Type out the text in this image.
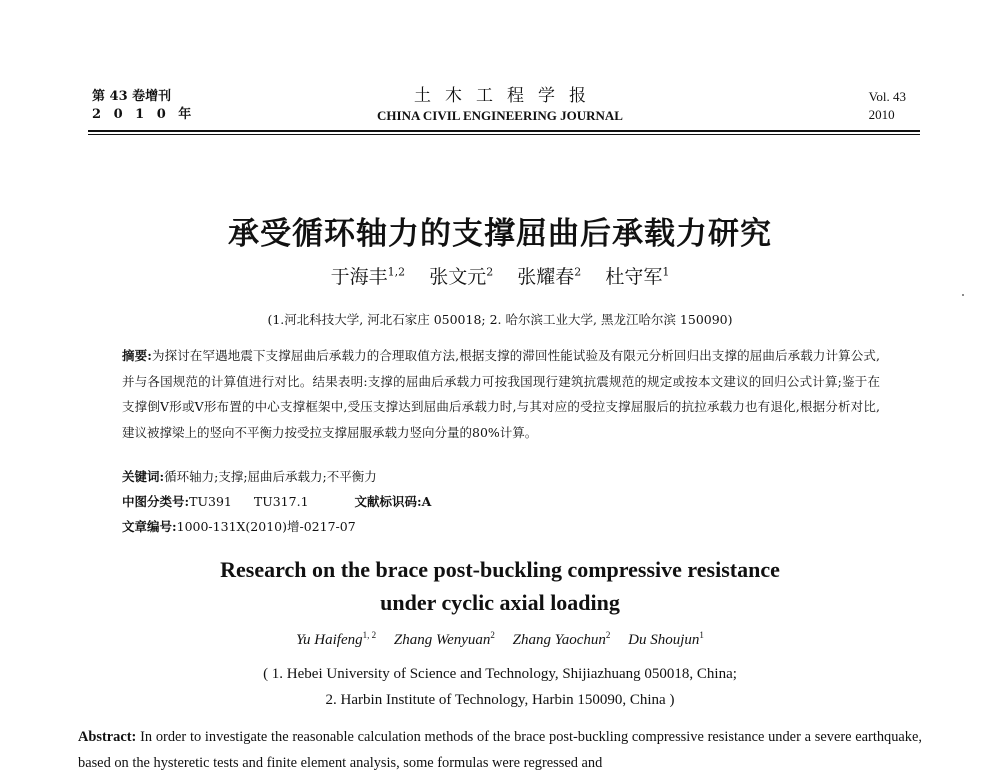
第 43 卷增刊
2 0 1 0 年
土木工程学报
CHINA CIVIL ENGINEERING JOURNAL
Vol. 43
2010
承受循环轴力的支撑屈曲后承载力研究
于海丰$^{1,2}$ 张文元$^2$ 张耀春$^2$ 杜守军$^1$
(1.河北科技大学, 河北石家庄 050018; 2. 哈尔滨工业大学, 黑龙江哈尔滨 150090)
摘要:为探讨在罕遇地震下支撑屈曲后承载力的合理取值方法,根据支撑的滞回性能试验及有限元分析回归出支撑的屈曲后承载力计算公式,并与各国规范的计算值进行对比。结果表明:支撑的屈曲后承载力可按我国现行建筑抗震规范的规定或按本文建议的回归公式计算;鉴于在支撑倒V形或V形布置的中心支撑框架中,受压支撑达到屈曲后承载力时,与其对应的受拉支撑屈服后的抗拉承载力也有退化,根据分析对比,建议被撑梁上的竖向不平衡力按受拉支撑屈服承载力竖向分量的80%计算。
关键词:循环轴力;支撑;屈曲后承载力;不平衡力
中图分类号:TU391 TU317.1	文献标识码:A
文章编号:1000-131X(2010)增-0217-07
Research on the brace post-buckling compressive resistance
under cyclic axial loading
Yu Haifeng$^{1, 2}$ Zhang Wenyuan$^2$ Zhang Yaochun$^2$ Du Shoujun$^1$
( 1. Hebei University of Science and Technology, Shijiazhuang 050018, China;
2. Harbin Institute of Technology, Harbin 150090, China )
Abstract: In order to investigate the reasonable calculation methods of the brace post-buckling compressive resistance under a severe earthquake, based on the hysteretic tests and finite element analysis, some formulas were regressed and
